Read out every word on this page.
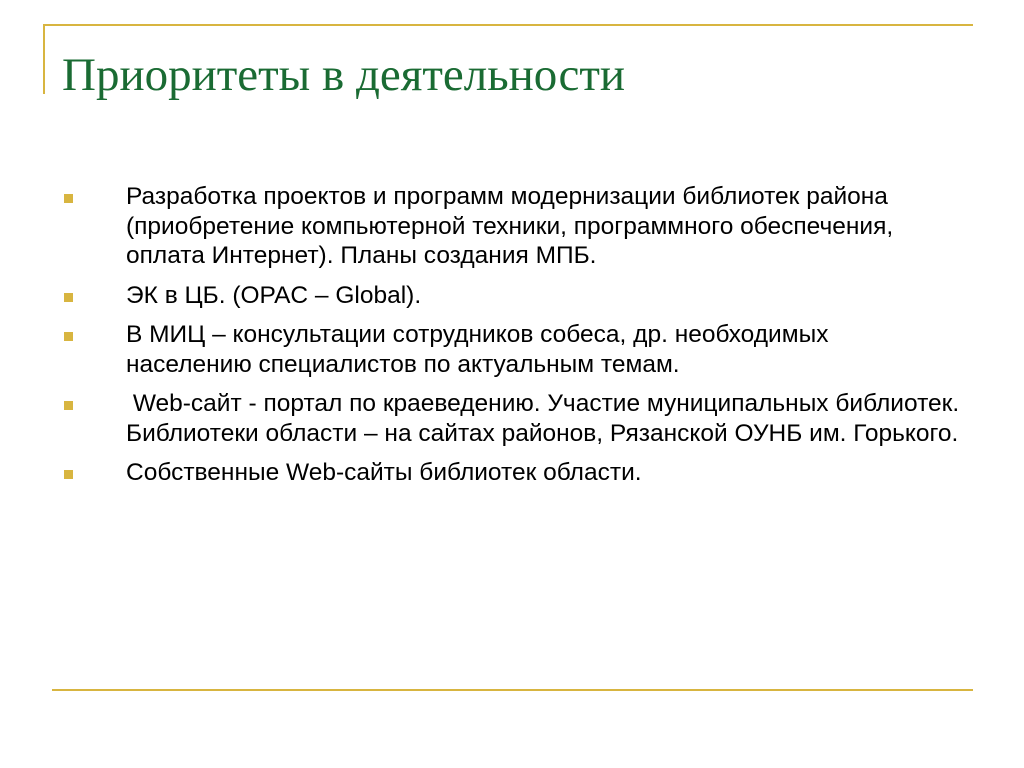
Приоритеты в деятельности
Разработка проектов и программ модернизации библиотек района (приобретение компьютерной техники, программного обеспечения, оплата Интернет). Планы создания МПБ.
ЭК в ЦБ. (OPAC – Global).
В МИЦ – консультации сотрудников собеса, др. необходимых населению специалистов по актуальным темам.
Web-сайт - портал по краеведению. Участие муниципальных библиотек. Библиотеки области – на сайтах районов, Рязанской ОУНБ им. Горького.
Собственные Web-сайты библиотек области.
